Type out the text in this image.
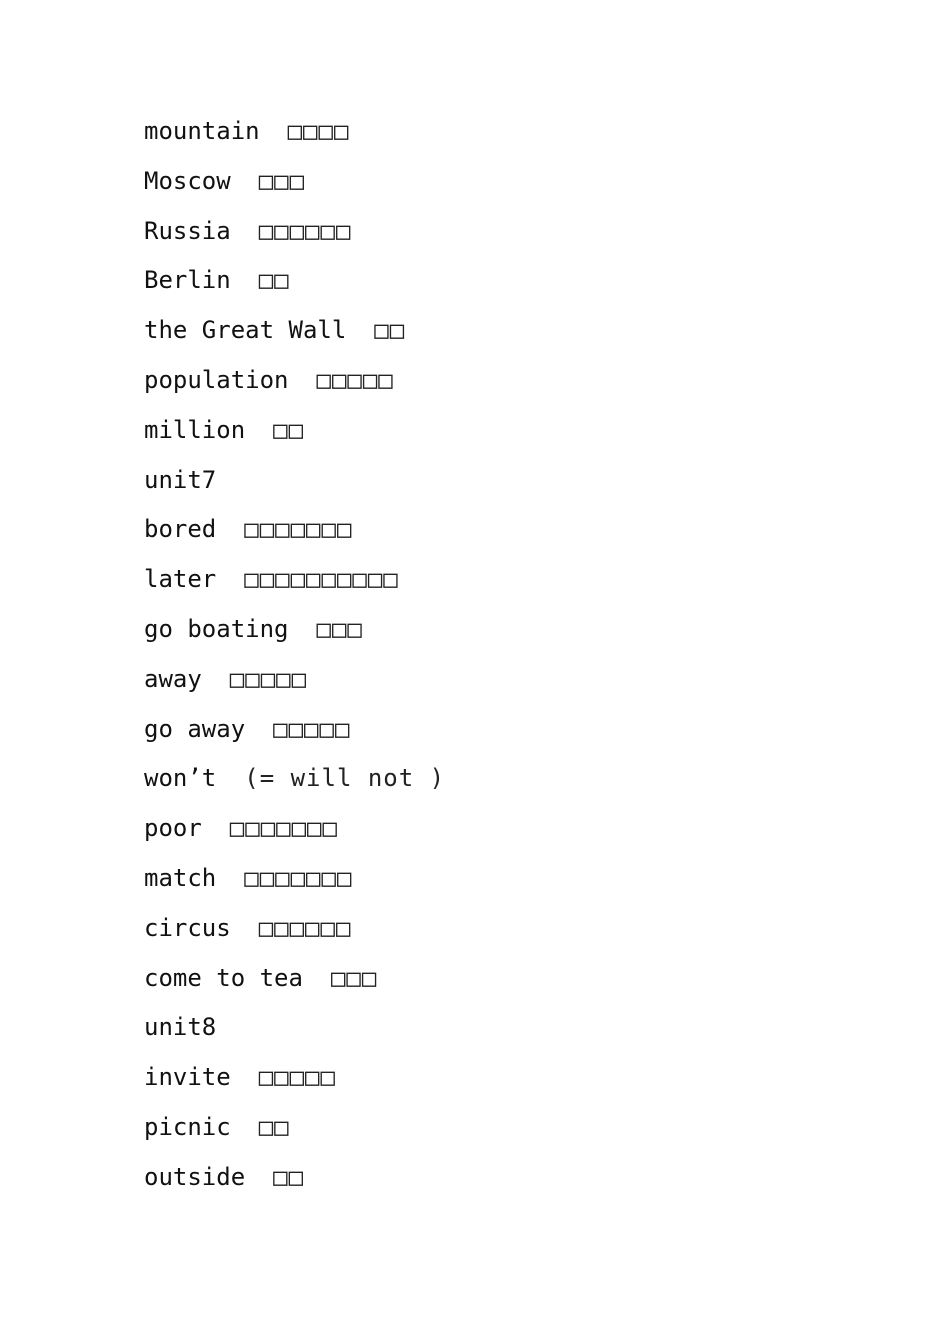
mountain □□□□
Moscow □□□
Russia □□□□□□
Berlin □□
the Great Wall □□
population □□□□□
million □□
unit7
bored □□□□□□□
later □□□□□□□□□□
go boating □□□
away □□□□□
go away □□□□□
won’t (= will not )
poor □□□□□□□
match □□□□□□□
circus □□□□□□
come to tea □□□
unit8
invite □□□□□
picnic □□
outside □□
